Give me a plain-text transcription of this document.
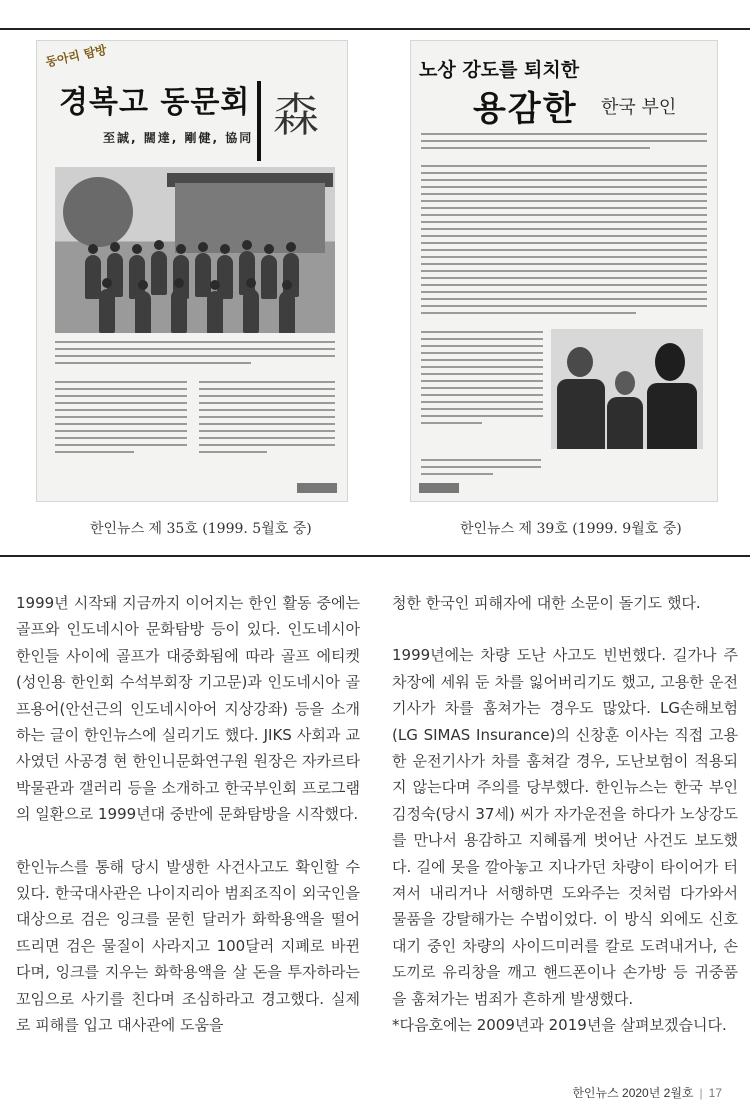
동아리 탐방
경복고 동문회 森
至誠, 闊達, 剛健, 協同
노상 강도를 퇴치한
용감한 한국 부인
한인뉴스 제 35호 (1999. 5월호 중)	한인뉴스 제 39호 (1999. 9월호 중)

1999년 시작돼 지금까지 이어지는 한인 활동 중에는 골프와 인도네시아 문화탐방 등이 있다. 인도네시아 한인들 사이에 골프가 대중화됨에 따라 골프 에티켓(성인용 한인회 수석부회장 기고문)과 인도네시아 골프용어(안선근의 인도네시아어 지상강좌) 등을 소개하는 글이 한인뉴스에 실리기도 했다. JIKS 사회과 교사였던 사공경 현 한인니문화연구원 원장은 자카르타 박물관과 갤러리 등을 소개하고 한국부인회 프로그램의 일환으로 1999년대 중반에 문화탐방을 시작했다.

한인뉴스를 통해 당시 발생한 사건사고도 확인할 수 있다. 한국대사관은 나이지리아 범죄조직이 외국인을 대상으로 검은 잉크를 묻힌 달러가 화학용액을 떨어뜨리면 검은 물질이 사라지고 100달러 지폐로 바뀐다며, 잉크를 지우는 화학용액을 살 돈을 투자하라는 꼬임으로 사기를 친다며 조심하라고 경고했다. 실제로 피해를 입고 대사관에 도움을

청한 한국인 피해자에 대한 소문이 돌기도 했다.

1999년에는 차량 도난 사고도 빈번했다. 길가나 주차장에 세워 둔 차를 잃어버리기도 했고, 고용한 운전기사가 차를 훔쳐가는 경우도 많았다. LG손해보험(LG SIMAS Insurance)의 신창훈 이사는 직접 고용한 운전기사가 차를 훔쳐갈 경우, 도난보험이 적용되지 않는다며 주의를 당부했다. 한인뉴스는 한국 부인 김정숙(당시 37세) 씨가 자가운전을 하다가 노상강도를 만나서 용감하고 지혜롭게 벗어난 사건도 보도했다. 길에 못을 깔아놓고 지나가던 차량이 타이어가 터져서 내리거나 서행하면 도와주는 것처럼 다가와서 물품을 강탈해가는 수법이었다. 이 방식 외에도 신호대기 중인 차량의 사이드미러를 칼로 도려내거나, 손도끼로 유리창을 깨고 핸드폰이나 손가방 등 귀중품을 훔쳐가는 범죄가 흔하게 발생했다.

*다음호에는 2009년과 2019년을 살펴보겠습니다.

한인뉴스 2020년 2월호 | 17
